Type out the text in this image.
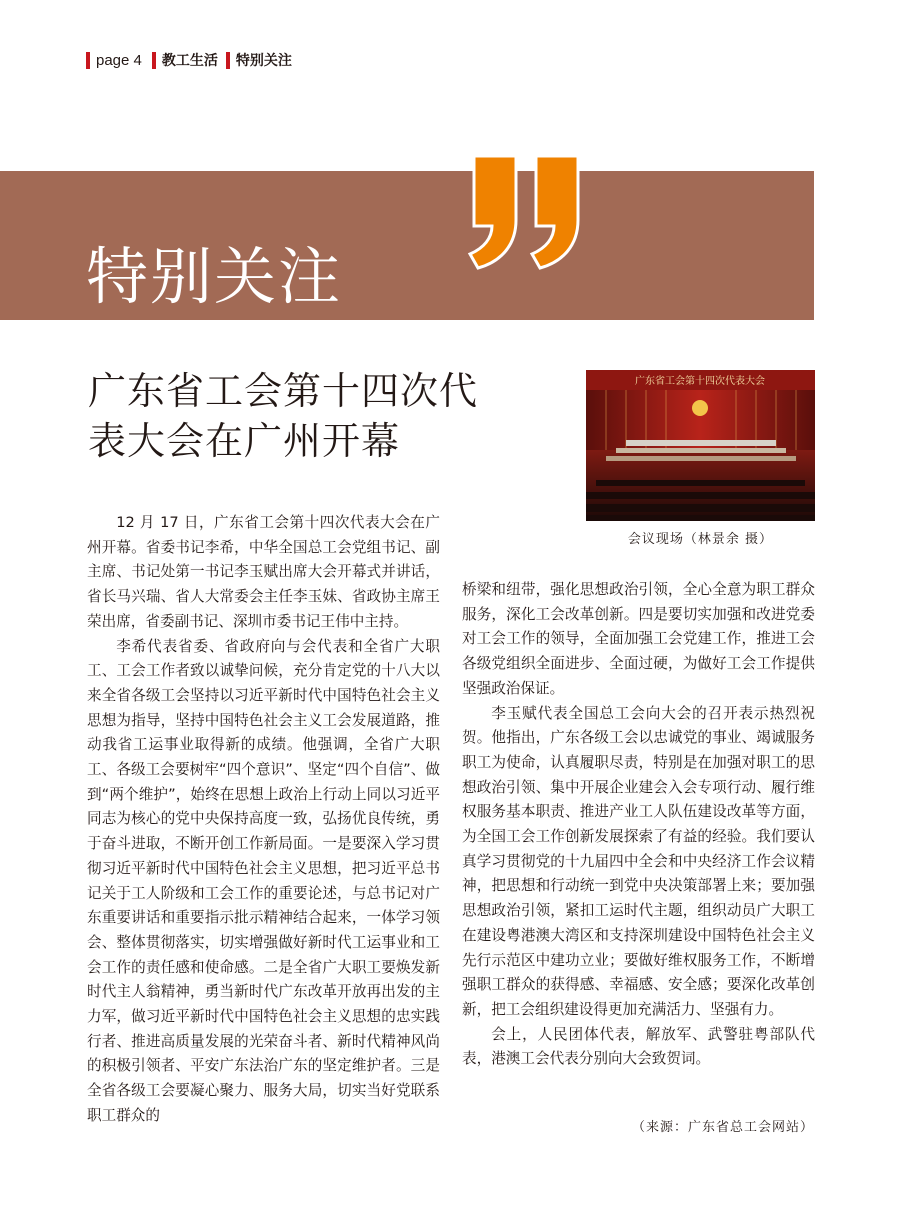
page 4 教工生活 特别关注
特别关注
广东省工会第十四次代
表大会在广州开幕
广东省工会第十四次代表大会
会议现场（林景余 摄）

12 月 17 日，广东省工会第十四次代表大会在广州开幕。省委书记李希，中华全国总工会党组书记、副主席、书记处第一书记李玉赋出席大会开幕式并讲话，省长马兴瑞、省人大常委会主任李玉妹、省政协主席王荣出席，省委副书记、深圳市委书记王伟中主持。

李希代表省委、省政府向与会代表和全省广大职工、工会工作者致以诚挚问候，充分肯定党的十八大以来全省各级工会坚持以习近平新时代中国特色社会主义思想为指导，坚持中国特色社会主义工会发展道路，推动我省工运事业取得新的成绩。他强调，全省广大职工、各级工会要树牢“四个意识”、坚定“四个自信”、做到“两个维护”，始终在思想上政治上行动上同以习近平同志为核心的党中央保持高度一致，弘扬优良传统，勇于奋斗进取，不断开创工作新局面。一是要深入学习贯彻习近平新时代中国特色社会主义思想，把习近平总书记关于工人阶级和工会工作的重要论述，与总书记对广东重要讲话和重要指示批示精神结合起来，一体学习领会、整体贯彻落实，切实增强做好新时代工运事业和工会工作的责任感和使命感。二是全省广大职工要焕发新时代主人翁精神，勇当新时代广东改革开放再出发的主力军，做习近平新时代中国特色社会主义思想的忠实践行者、推进高质量发展的光荣奋斗者、新时代精神风尚的积极引领者、平安广东法治广东的坚定维护者。三是全省各级工会要凝心聚力、服务大局，切实当好党联系职工群众的

桥梁和纽带，强化思想政治引领，全心全意为职工群众服务，深化工会改革创新。四是要切实加强和改进党委对工会工作的领导，全面加强工会党建工作，推进工会各级党组织全面进步、全面过硬，为做好工会工作提供坚强政治保证。

李玉赋代表全国总工会向大会的召开表示热烈祝贺。他指出，广东各级工会以忠诚党的事业、竭诚服务职工为使命，认真履职尽责，特别是在加强对职工的思想政治引领、集中开展企业建会入会专项行动、履行维权服务基本职责、推进产业工人队伍建设改革等方面，为全国工会工作创新发展探索了有益的经验。我们要认真学习贯彻党的十九届四中全会和中央经济工作会议精神，把思想和行动统一到党中央决策部署上来；要加强思想政治引领，紧扣工运时代主题，组织动员广大职工在建设粤港澳大湾区和支持深圳建设中国特色社会主义先行示范区中建功立业；要做好维权服务工作，不断增强职工群众的获得感、幸福感、安全感；要深化改革创新，把工会组织建设得更加充满活力、坚强有力。

会上，人民团体代表，解放军、武警驻粤部队代表，港澳工会代表分别向大会致贺词。

（来源：广东省总工会网站）
